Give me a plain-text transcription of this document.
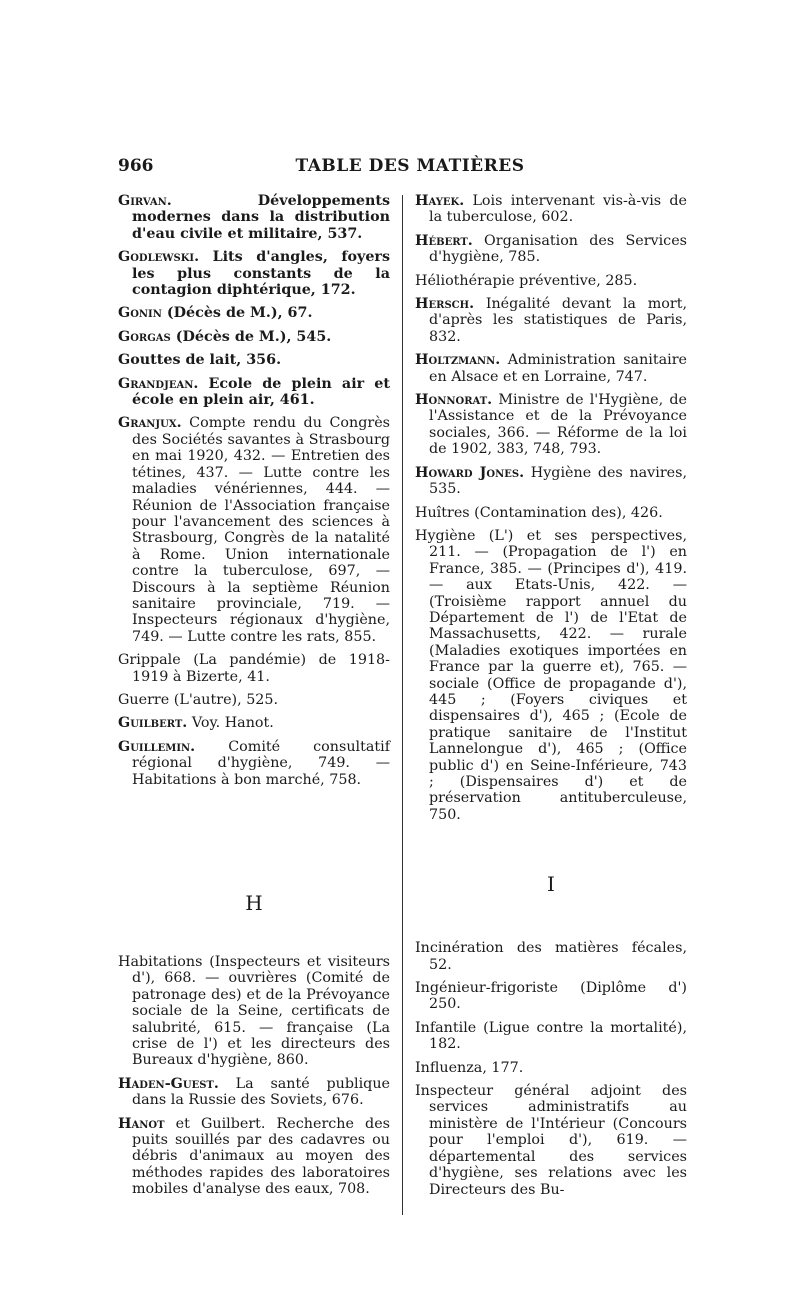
966	TABLE DES MATIÈRES

Girvan. Développements modernes dans la distribution d'eau civile et militaire, 537.

Godlewski. Lits d'angles, foyers les plus constants de la contagion diphtérique, 172.

Gonin (Décès de M.), 67.

Gorgas (Décès de M.), 545.

Gouttes de lait, 356.

Grandjean. Ecole de plein air et école en plein air, 461.

Granjux. Compte rendu du Congrès des Sociétés savantes à Strasbourg en mai 1920, 432. — Entretien des tétines, 437. — Lutte contre les maladies vénériennes, 444. — Réunion de l'Association française pour l'avancement des sciences à Strasbourg, Congrès de la natalité à Rome. Union internationale contre la tuberculose, 697, — Discours à la septième Réunion sanitaire provinciale, 719. — Inspecteurs régionaux d'hygiène, 749. — Lutte contre les rats, 855.

Grippale (La pandémie) de 1918-1919 à Bizerte, 41.

Guerre (L'autre), 525.

Guilbert. Voy. Hanot.

Guillemin. Comité consultatif régional d'hygiène, 749. — Habitations à bon marché, 758.

H

Habitations (Inspecteurs et visiteurs d'), 668. — ouvrières (Comité de patronage des) et de la Prévoyance sociale de la Seine, certificats de salubrité, 615. — française (La crise de l') et les directeurs des Bureaux d'hygiène, 860.

Haden-Guest. La santé publique dans la Russie des Soviets, 676.

Hanot et Guilbert. Recherche des puits souillés par des cadavres ou débris d'animaux au moyen des méthodes rapides des laboratoires mobiles d'analyse des eaux, 708.

Hayek. Lois intervenant vis-à-vis de la tuberculose, 602.

Hébert. Organisation des Services d'hygiène, 785.

Héliothérapie préventive, 285.

Hersch. Inégalité devant la mort, d'après les statistiques de Paris, 832.

Holtzmann. Administration sanitaire en Alsace et en Lorraine, 747.

Honnorat. Ministre de l'Hygiène, de l'Assistance et de la Prévoyance sociales, 366. — Réforme de la loi de 1902, 383, 748, 793.

Howard Jones. Hygiène des navires, 535.

Huîtres (Contamination des), 426.

Hygiène (L') et ses perspectives, 211. — (Propagation de l') en France, 385. — (Principes d'), 419. — aux Etats-Unis, 422. — (Troisième rapport annuel du Département de l') de l'Etat de Massachusetts, 422. — rurale (Maladies exotiques importées en France par la guerre et), 765. — sociale (Office de propagande d'), 445 ; (Foyers civiques et dispensaires d'), 465 ; (Ecole de pratique sanitaire de l'Institut Lannelongue d'), 465 ; (Office public d') en Seine-Inférieure, 743 ; (Dispensaires d') et de préservation antituberculeuse, 750.

I

Incinération des matières fécales, 52.

Ingénieur-frigoriste (Diplôme d') 250.

Infantile (Ligue contre la mortalité), 182.

Influenza, 177.

Inspecteur général adjoint des services administratifs au ministère de l'Intérieur (Concours pour l'emploi d'), 619. — départemental des services d'hygiène, ses relations avec les Directeurs des Bu-
